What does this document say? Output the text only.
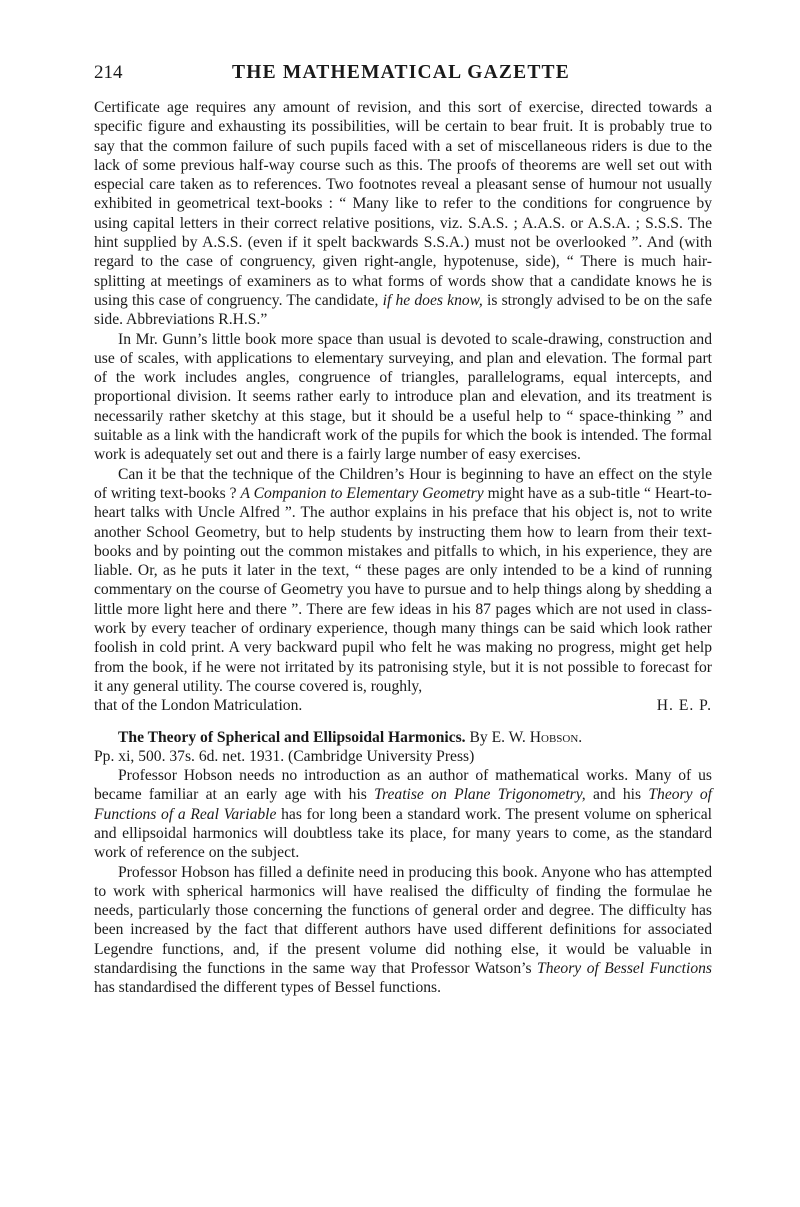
214	THE MATHEMATICAL GAZETTE

Certificate age requires any amount of revision, and this sort of exercise, directed towards a specific figure and exhausting its possibilities, will be certain to bear fruit. It is probably true to say that the common failure of such pupils faced with a set of miscellaneous riders is due to the lack of some previous half-way course such as this. The proofs of theorems are well set out with especial care taken as to references. Two footnotes reveal a pleasant sense of humour not usually exhibited in geometrical text-books : “ Many like to refer to the conditions for congruence by using capital letters in their correct relative positions, viz. S.A.S. ; A.A.S. or A.S.A. ; S.S.S. The hint supplied by A.S.S. (even if it spelt backwards S.S.A.) must not be overlooked ”. And (with regard to the case of congruency, given right-angle, hypotenuse, side), “ There is much hair-splitting at meetings of examiners as to what forms of words show that a candidate knows he is using this case of congruency. The candidate, if he does know, is strongly advised to be on the safe side. Abbreviations R.H.S.”

In Mr. Gunn’s little book more space than usual is devoted to scale-drawing, construction and use of scales, with applications to elementary surveying, and plan and elevation. The formal part of the work includes angles, congruence of triangles, parallelograms, equal intercepts, and proportional division. It seems rather early to introduce plan and elevation, and its treatment is necessarily rather sketchy at this stage, but it should be a useful help to “ space-thinking ” and suitable as a link with the handicraft work of the pupils for which the book is intended. The formal work is adequately set out and there is a fairly large number of easy exercises.

Can it be that the technique of the Children’s Hour is beginning to have an effect on the style of writing text-books ? A Companion to Elementary Geometry might have as a sub-title “ Heart-to-heart talks with Uncle Alfred ”. The author explains in his preface that his object is, not to write another School Geometry, but to help students by instructing them how to learn from their text-books and by pointing out the common mistakes and pitfalls to which, in his experience, they are liable. Or, as he puts it later in the text, “ these pages are only intended to be a kind of running commentary on the course of Geometry you have to pursue and to help things along by shedding a little more light here and there ”. There are few ideas in his 87 pages which are not used in class-work by every teacher of ordinary experience, though many things can be said which look rather foolish in cold print. A very backward pupil who felt he was making no progress, might get help from the book, if he were not irritated by its patronising style, but it is not possible to forecast for it any general utility. The course covered is, roughly,

that of the London Matriculation.	H. E. P.

The Theory of Spherical and Ellipsoidal Harmonics. By E. W. Hobson.

Pp. xi, 500. 37s. 6d. net. 1931. (Cambridge University Press)

Professor Hobson needs no introduction as an author of mathematical works. Many of us became familiar at an early age with his Treatise on Plane Trigonometry, and his Theory of Functions of a Real Variable has for long been a standard work. The present volume on spherical and ellipsoidal harmonics will doubtless take its place, for many years to come, as the standard work of reference on the subject.

Professor Hobson has filled a definite need in producing this book. Anyone who has attempted to work with spherical harmonics will have realised the difficulty of finding the formulae he needs, particularly those concerning the functions of general order and degree. The difficulty has been increased by the fact that different authors have used different definitions for associated Legendre functions, and, if the present volume did nothing else, it would be valuable in standardising the functions in the same way that Professor Watson’s Theory of Bessel Functions has standardised the different types of Bessel functions.
